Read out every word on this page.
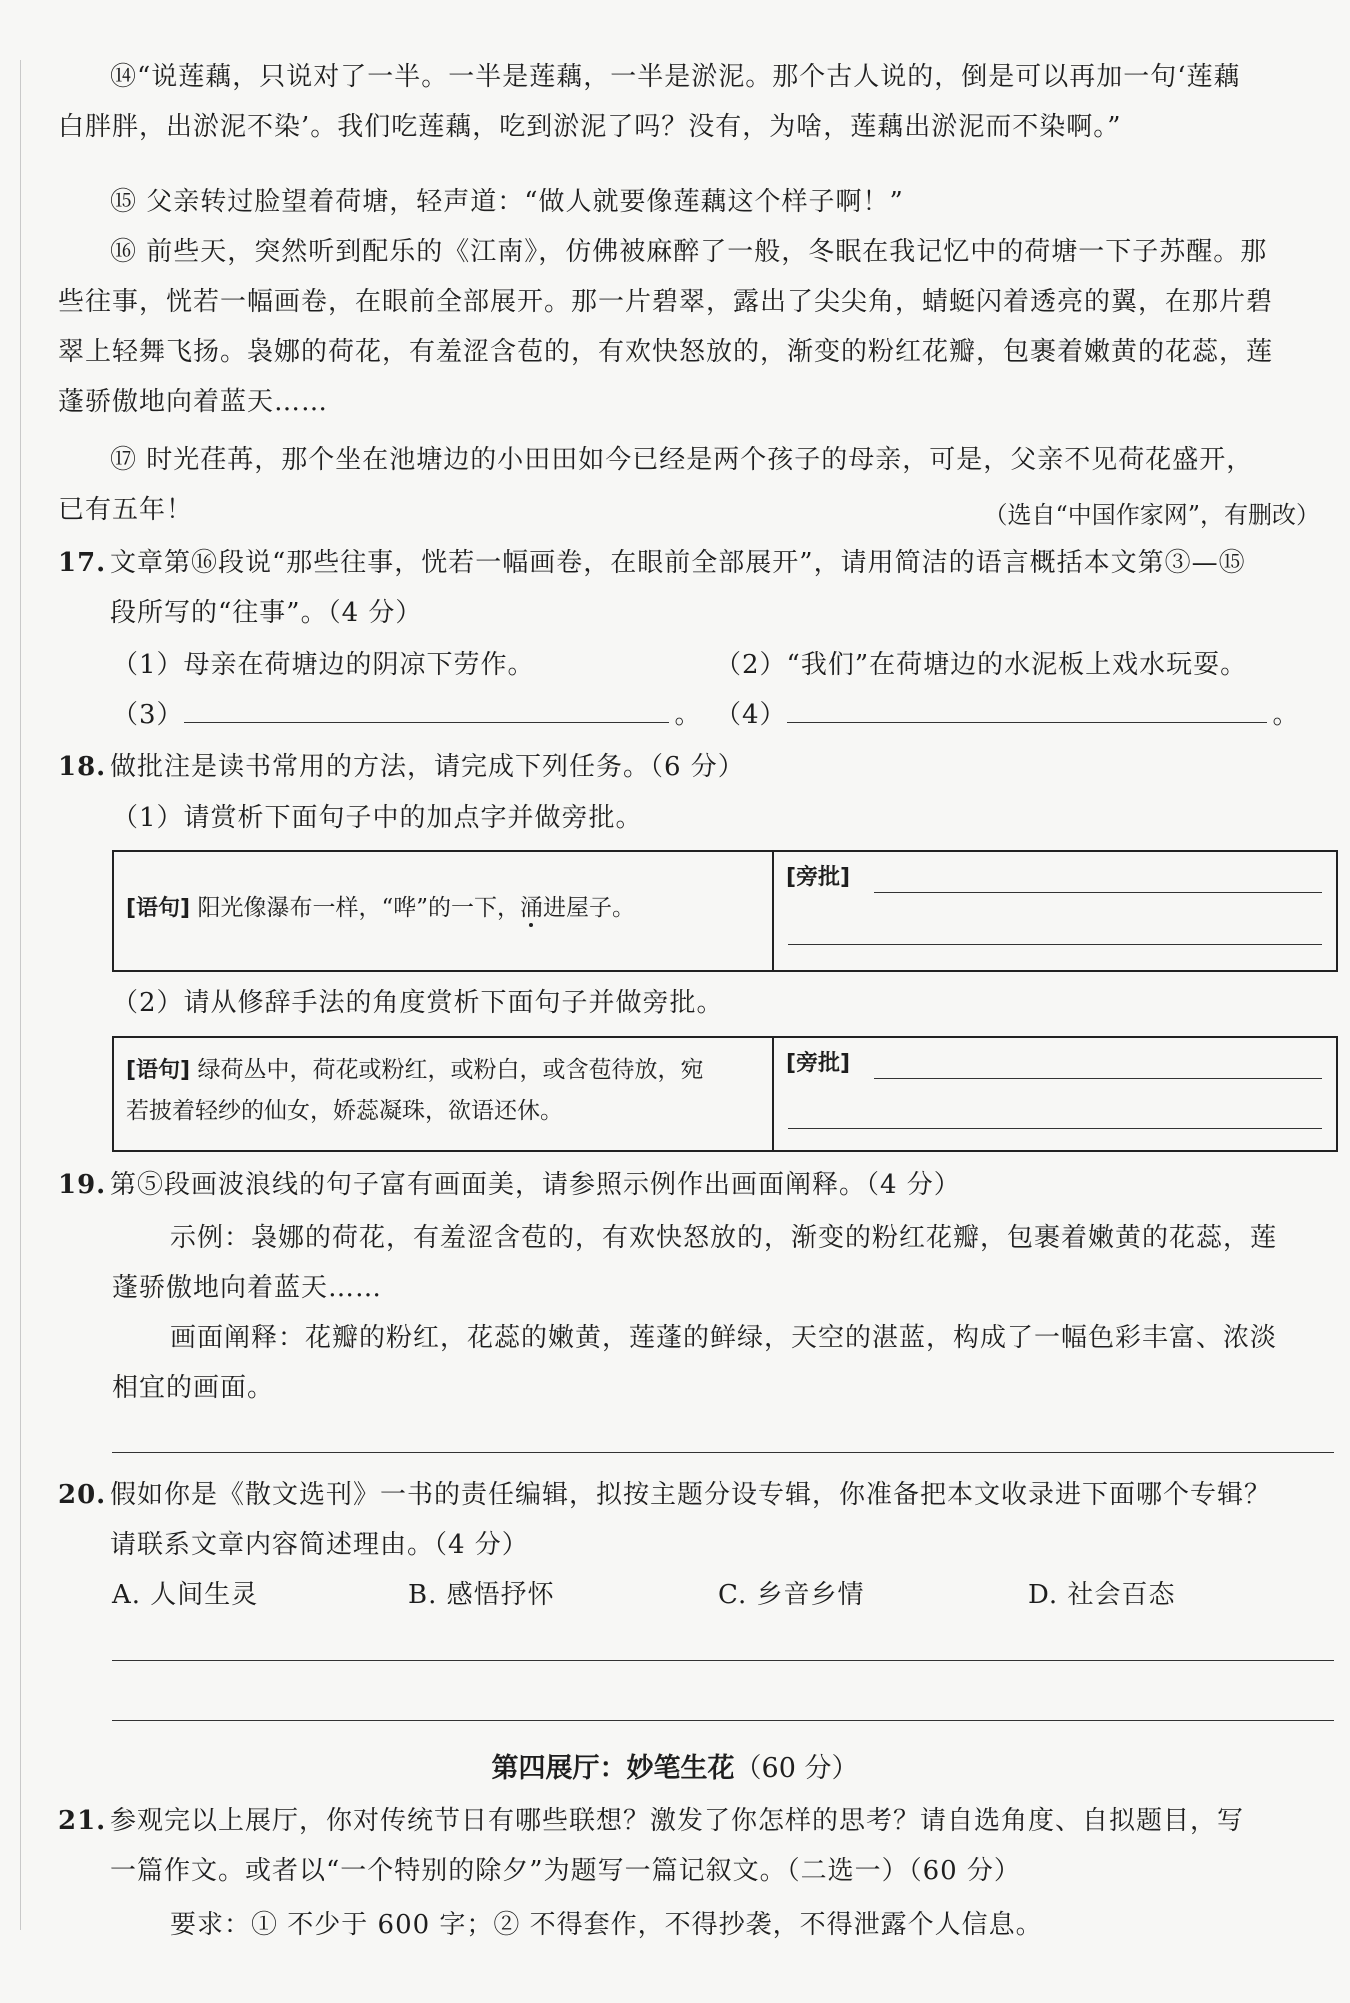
⑭“说莲藕，只说对了一半。一半是莲藕，一半是淤泥。那个古人说的，倒是可以再加一句‘莲藕
白胖胖，出淤泥不染’。我们吃莲藕，吃到淤泥了吗？没有，为啥，莲藕出淤泥而不染啊。”
⑮ 父亲转过脸望着荷塘，轻声道：“做人就要像莲藕这个样子啊！”
⑯ 前些天，突然听到配乐的《江南》，仿佛被麻醉了一般，冬眠在我记忆中的荷塘一下子苏醒。那
些往事，恍若一幅画卷，在眼前全部展开。那一片碧翠，露出了尖尖角，蜻蜓闪着透亮的翼，在那片碧
翠上轻舞飞扬。袅娜的荷花，有羞涩含苞的，有欢快怒放的，渐变的粉红花瓣，包裹着嫩黄的花蕊，莲
蓬骄傲地向着蓝天……
⑰ 时光荏苒，那个坐在池塘边的小田田如今已经是两个孩子的母亲，可是，父亲不见荷花盛开，
已有五年！	（选自“中国作家网”，有删改）
17. 文章第⑯段说“那些往事，恍若一幅画卷，在眼前全部展开”，请用简洁的语言概括本文第③—⑮
段所写的“往事”。（4 分）
（1）母亲在荷塘边的阴凉下劳作。	（2）“我们”在荷塘边的水泥板上戏水玩耍。
（3）	。 （4）	。
18. 做批注是读书常用的方法，请完成下列任务。（6 分）
（1）请赏析下面句子中的加点字并做旁批。
[语句] 阳光像瀑布一样，“哗”的一下，涌进屋子。
[旁批]
（2）请从修辞手法的角度赏析下面句子并做旁批。
[语句] 绿荷丛中，荷花或粉红，或粉白，或含苞待放，宛
若披着轻纱的仙女，娇蕊凝珠，欲语还休。
[旁批]
19. 第⑤段画波浪线的句子富有画面美，请参照示例作出画面阐释。（4 分）
示例：袅娜的荷花，有羞涩含苞的，有欢快怒放的，渐变的粉红花瓣，包裹着嫩黄的花蕊，莲
蓬骄傲地向着蓝天……
画面阐释：花瓣的粉红，花蕊的嫩黄，莲蓬的鲜绿，天空的湛蓝，构成了一幅色彩丰富、浓淡
相宜的画面。
20. 假如你是《散文选刊》一书的责任编辑，拟按主题分设专辑，你准备把本文收录进下面哪个专辑？
请联系文章内容简述理由。（4 分）
A. 人间生灵	B. 感悟抒怀	C. 乡音乡情	D. 社会百态
第四展厅：妙笔生花（60 分）
21. 参观完以上展厅，你对传统节日有哪些联想？激发了你怎样的思考？请自选角度、自拟题目，写
一篇作文。或者以“一个特别的除夕”为题写一篇记叙文。（二选一）（60 分）
要求：① 不少于 600 字；② 不得套作，不得抄袭，不得泄露个人信息。
